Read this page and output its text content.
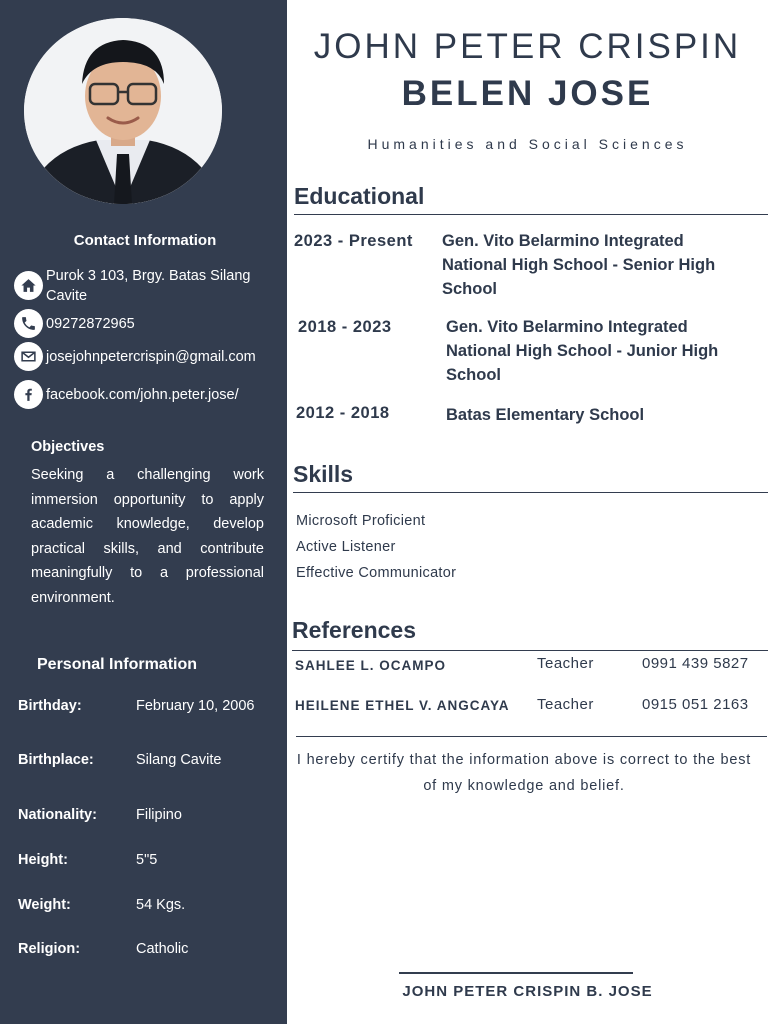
Contact Information
Purok 3 103, Brgy. Batas Silang Cavite
09272872965
josejohnpetercrispin@gmail.com
facebook.com/john.peter.jose/
Objectives
Seeking a challenging work immersion opportunity to apply academic knowledge, develop practical skills, and contribute meaningfully to a professional environment.
Personal Information
Birthday:	February 10, 2006
Birthplace:	Silang Cavite
Nationality:	Filipino
Height:	5"5
Weight:	54 Kgs.
Religion:	Catholic
JOHN PETER CRISPIN
BELEN JOSE
Humanities and Social Sciences
Educational
2023 - Present Gen. Vito Belarmino Integrated National High School - Senior High School
2018 - 2023	Gen. Vito Belarmino Integrated National High School - Junior High School
2012 - 2018	Batas Elementary School
Skills
Microsoft Proficient
Active Listener
Effective Communicator
References
SAHLEE L. OCAMPO	Teacher	0991 439 5827
HEILENE ETHEL V. ANGCAYA Teacher	0915 051 2163
I hereby certify that the information above is correct to the best of my knowledge and belief.
JOHN PETER CRISPIN B. JOSE
